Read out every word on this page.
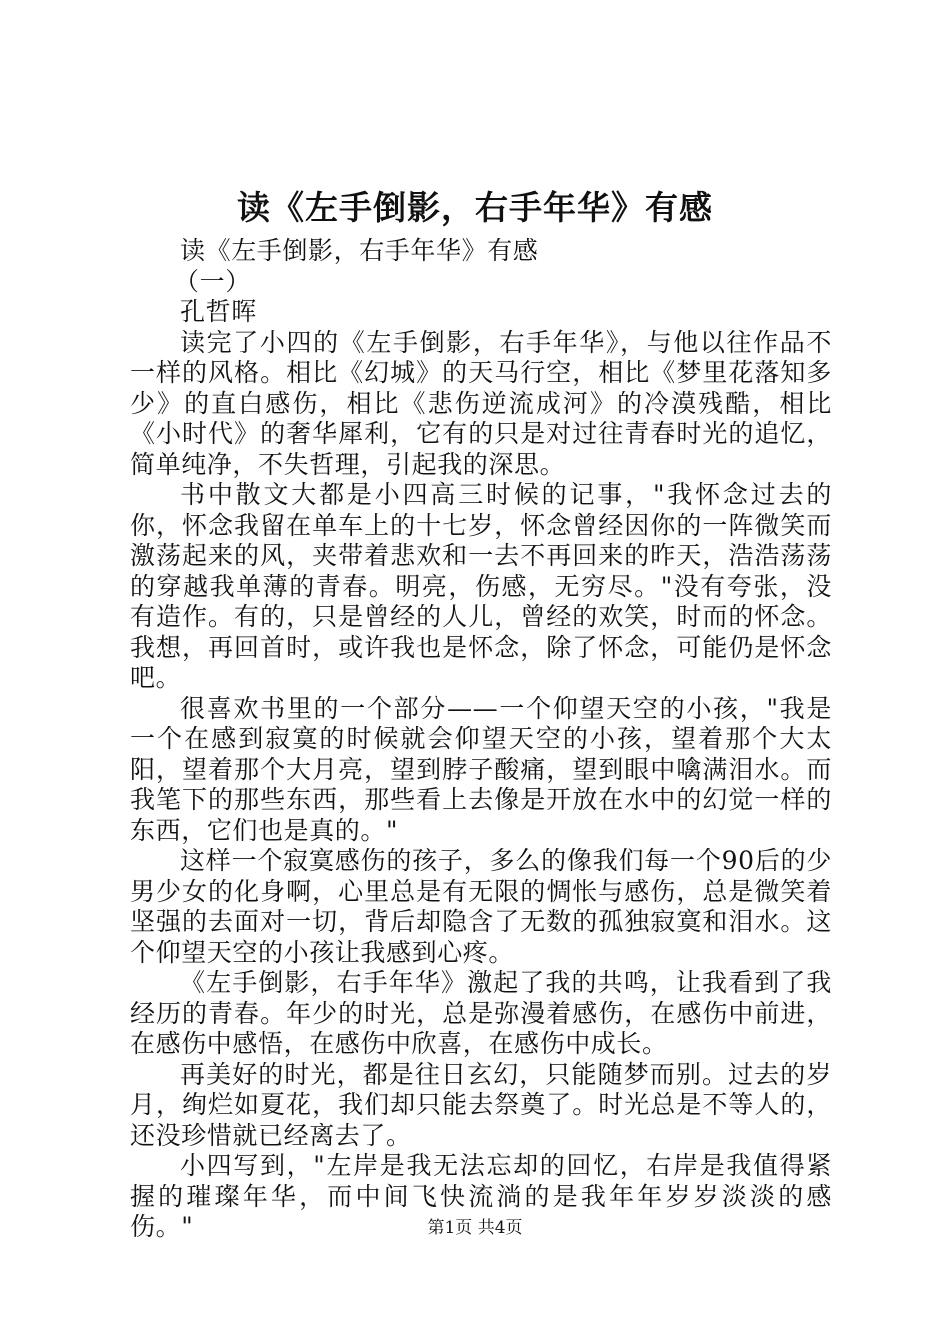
读《左手倒影，右手年华》有感

读《左手倒影，右手年华》有感

（一）

孔哲晖

读完了小四的《左手倒影，右手年华》，与他以往作品不一样的风格。相比《幻城》的天马行空，相比《梦里花落知多少》的直白感伤，相比《悲伤逆流成河》的冷漠残酷，相比《小时代》的奢华犀利，它有的只是对过往青春时光的追忆，简单纯净，不失哲理，引起我的深思。

书中散文大都是小四高三时候的记事，"我怀念过去的你，怀念我留在单车上的十七岁，怀念曾经因你的一阵微笑而激荡起来的风，夹带着悲欢和一去不再回来的昨天，浩浩荡荡的穿越我单薄的青春。明亮，伤感，无穷尽。"没有夸张，没有造作。有的，只是曾经的人儿，曾经的欢笑，时而的怀念。我想，再回首时，或许我也是怀念，除了怀念，可能仍是怀念吧。

很喜欢书里的一个部分——一个仰望天空的小孩，"我是一个在感到寂寞的时候就会仰望天空的小孩，望着那个大太阳，望着那个大月亮，望到脖子酸痛，望到眼中噙满泪水。而我笔下的那些东西，那些看上去像是开放在水中的幻觉一样的东西，它们也是真的。"

这样一个寂寞感伤的孩子，多么的像我们每一个90后的少男少女的化身啊，心里总是有无限的惆怅与感伤，总是微笑着坚强的去面对一切，背后却隐含了无数的孤独寂寞和泪水。这个仰望天空的小孩让我感到心疼。

《左手倒影，右手年华》激起了我的共鸣，让我看到了我经历的青春。年少的时光，总是弥漫着感伤，在感伤中前进，在感伤中感悟，在感伤中欣喜，在感伤中成长。

再美好的时光，都是往日玄幻，只能随梦而别。过去的岁月，绚烂如夏花，我们却只能去祭奠了。时光总是不等人的，还没珍惜就已经离去了。

小四写到，"左岸是我无法忘却的回忆，右岸是我值得紧握的璀璨年华，而中间飞快流淌的是我年年岁岁淡淡的感伤。"	第1页 共4页
